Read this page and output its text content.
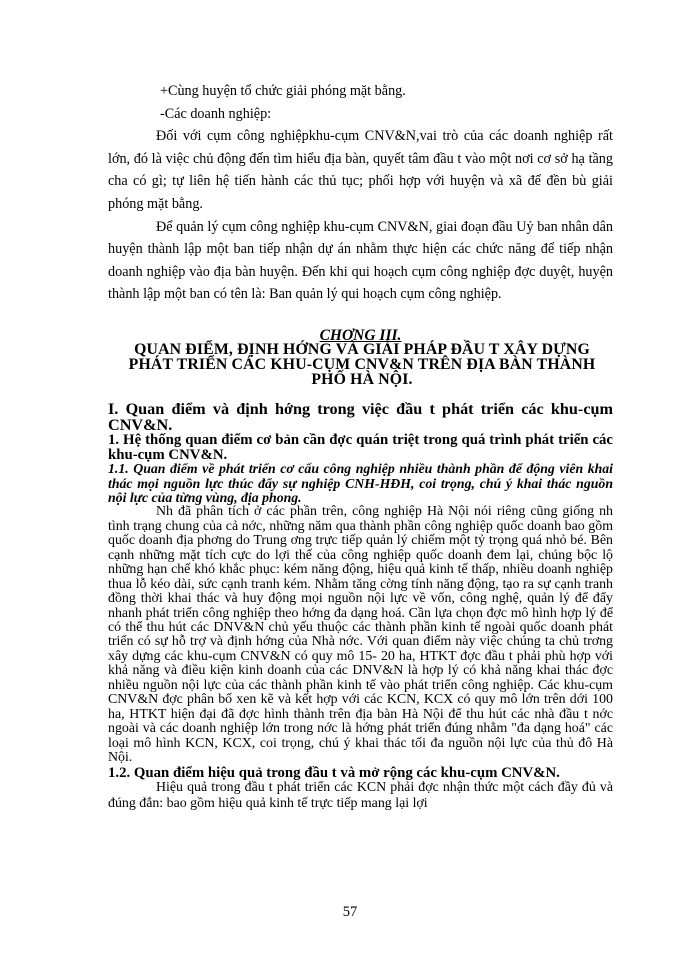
+Cùng huyện tổ chức giải phóng mặt bằng.

-Các doanh nghiệp:

Đối với cụm công nghiệpkhu-cụm CNV&N,vai trò của các doanh nghiệp rất lớn, đó là việc chủ động đến tìm hiểu địa bàn, quyết tâm đầu t vào một nơi cơ sở hạ tầng cha có gì; tự liên hệ tiến hành các thủ tục; phối hợp với huyện và xã để đền bù giải phóng mặt bằng.

Để quản lý cụm công nghiệp khu-cụm CNV&N, giai đoạn đầu Uỷ ban nhân dân huyện thành lập một ban tiếp nhận dự án nhằm thực hiện các chức năng để tiếp nhận doanh nghiệp vào địa bàn huyện. Đến khi qui hoạch cụm công nghiệp đợc duyệt, huyện thành lập một ban có tên là: Ban quản lý qui hoạch cụm công nghiệp.

CHƠNG III.
QUAN ĐIỂM, ĐỊNH HỚNG VÀ GIẢI PHÁP ĐẦU T XÂY DỰNG PHÁT TRIỂN CÁC KHU-CỤM CNV&N TRÊN ĐỊA BÀN THÀNH PHỐ HÀ NỘI.

I. Quan điểm và định hớng trong việc đầu t phát triển các khu-cụm CNV&N.

1. Hệ thống quan điểm cơ bản cần đợc quán triệt trong quá trình phát triển các khu-cụm CNV&N.

1.1. Quan điểm về phát triển cơ cấu công nghiệp nhiều thành phần để động viên khai thác mọi nguồn lực thúc đẩy sự nghiệp CNH-HĐH, coi trọng, chú ý khai thác nguồn nội lực của từng vùng, địa phong.

Nh đã phân tích ở các phần trên, công nghiệp Hà Nội nói riêng cũng giống nh tình trạng chung của cả nớc, những năm qua thành phần công nghiệp quốc doanh bao gồm quốc doanh địa phơng do Trung ơng trực tiếp quản lý chiếm một tỷ trọng quá nhỏ bé. Bên cạnh những mặt tích cực do lợi thế của công nghiệp quốc doanh đem lại, chúng bộc lộ những hạn chế khó khắc phục: kém năng động, hiệu quả kinh tế thấp, nhiều doanh nghiệp thua lỗ kéo dài, sức cạnh tranh kém. Nhằm tăng cờng tính năng động, tạo ra sự cạnh tranh đồng thời khai thác và huy động mọi nguồn nội lực về vốn, công nghệ, quản lý để đẩy nhanh phát triển công nghiệp theo hớng đa dạng hoá. Cần lựa chọn đợc mô hình hợp lý để có thể thu hút các DNV&N chủ yếu thuộc các thành phần kinh tế ngoài quốc doanh phát triển có sự hỗ trợ và định hớng của Nhà nớc. Với quan điểm này việc chúng ta chủ trơng xây dựng các khu-cụm CNV&N có quy mô 15- 20 ha, HTKT đợc đầu t phải phù hợp với khả năng và điều kiện kinh doanh của các DNV&N là hợp lý có khả năng khai thác đợc nhiều nguồn nội lực của các thành phần kinh tế vào phát triển công nghiệp. Các khu-cụm CNV&N đợc phân bố xen kẽ và kết hợp với các KCN, KCX có quy mô lớn trên dới 100 ha, HTKT hiện đại đã đợc hình thành trên địa bàn Hà Nội để thu hút các nhà đầu t nớc ngoài và các doanh nghiệp lớn trong nớc là hớng phát triển đúng nhằm "đa dạng hoá" các loại mô hình KCN, KCX, coi trọng, chú ý khai thác tối đa nguồn nội lực của thủ đô Hà Nội.

1.2. Quan điểm hiệu quả trong đầu t và mở rộng các khu-cụm CNV&N.

Hiệu quả trong đầu t phát triển các KCN phải đợc nhận thức một cách đầy đủ và đúng đắn: bao gồm hiệu quả kinh tế trực tiếp mang lại lợi

57
